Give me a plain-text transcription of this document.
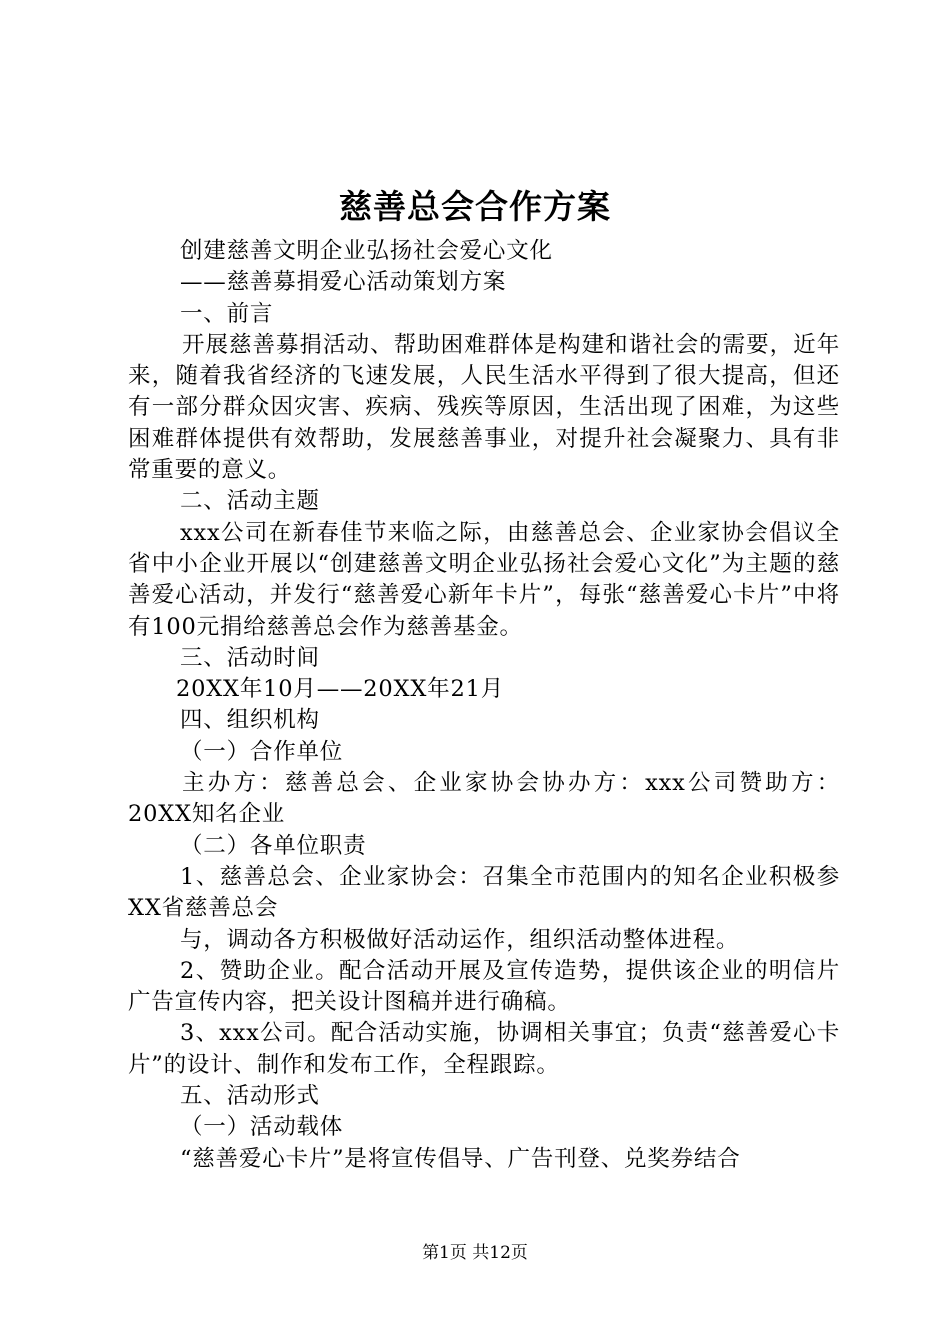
慈善总会合作方案

创建慈善文明企业弘扬社会爱心文化

——慈善募捐爱心活动策划方案

一、前言

开展慈善募捐活动、帮助困难群体是构建和谐社会的需要，近年来，随着我省经济的飞速发展，人民生活水平得到了很大提高，但还有一部分群众因灾害、疾病、残疾等原因，生活出现了困难，为这些困难群体提供有效帮助，发展慈善事业，对提升社会凝聚力、具有非常重要的意义。

二、活动主题

xxx公司在新春佳节来临之际，由慈善总会、企业家协会倡议全省中小企业开展以“创建慈善文明企业弘扬社会爱心文化”为主题的慈善爱心活动，并发行“慈善爱心新年卡片”，每张“慈善爱心卡片”中将有100元捐给慈善总会作为慈善基金。

三、活动时间

20XX年10月——20XX年21月

四、组织机构

（一）合作单位

主办方：慈善总会、企业家协会协办方：xxx公司赞助方：20XX知名企业

（二）各单位职责

1、慈善总会、企业家协会：召集全市范围内的知名企业积极参XX省慈善总会

与，调动各方积极做好活动运作，组织活动整体进程。

2、赞助企业。配合活动开展及宣传造势，提供该企业的明信片广告宣传内容，把关设计图稿并进行确稿。

3、xxx公司。配合活动实施，协调相关事宜；负责“慈善爱心卡片”的设计、制作和发布工作，全程跟踪。

五、活动形式

（一）活动载体

“慈善爱心卡片”是将宣传倡导、广告刊登、兑奖券结合

第1页 共12页
